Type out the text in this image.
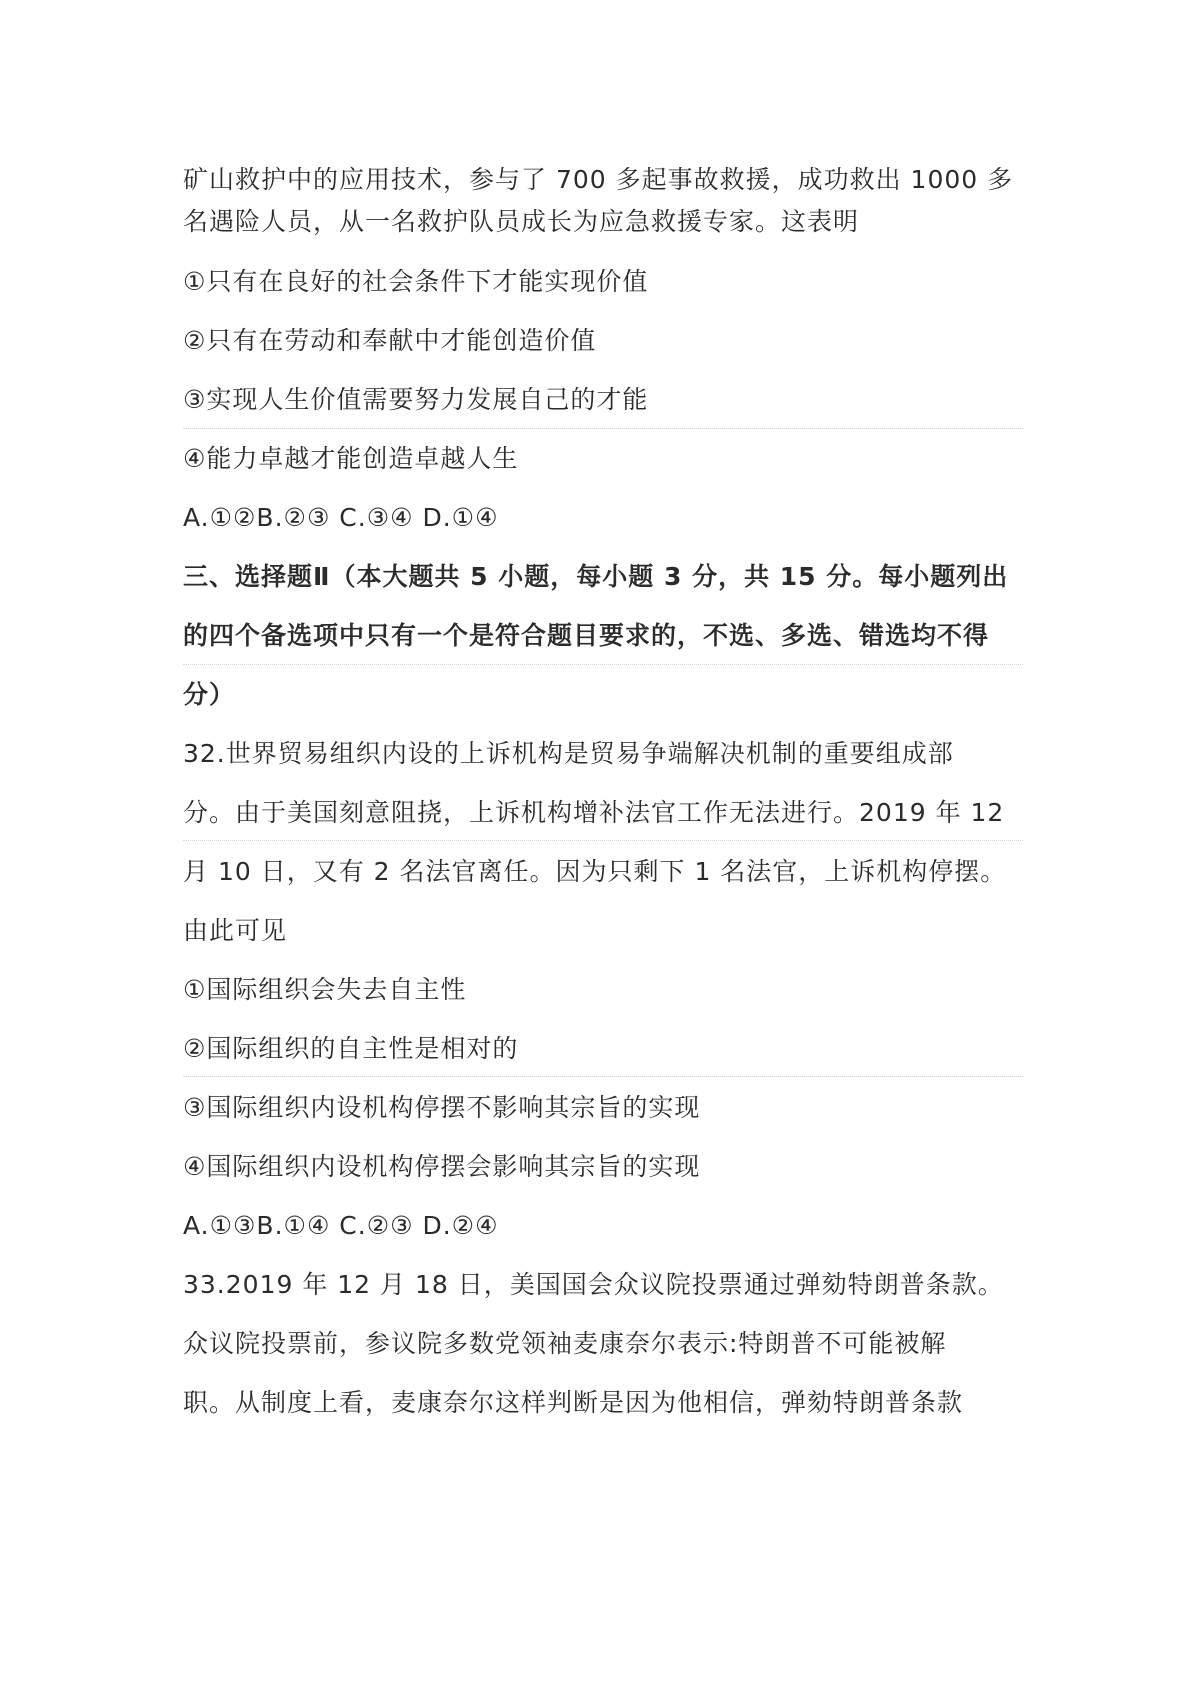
矿山救护中的应用技术，参与了 700 多起事故救援，成功救出 1000 多
名遇险人员，从一名救护队员成长为应急救援专家。这表明
①只有在良好的社会条件下才能实现价值
②只有在劳动和奉献中才能创造价值
③实现人生价值需要努力发展自己的才能
④能力卓越才能创造卓越人生
A.①②B.②③ C.③④ D.①④
三、选择题Ⅱ（本大题共 5 小题，每小题 3 分，共 15 分。每小题列出
的四个备选项中只有一个是符合题目要求的，不选、多选、错选均不得
分）
32.世界贸易组织内设的上诉机构是贸易争端解决机制的重要组成部
分。由于美国刻意阻挠，上诉机构增补法官工作无法进行。2019 年 12
月 10 日，又有 2 名法官离任。因为只剩下 1 名法官，上诉机构停摆。
由此可见
①国际组织会失去自主性
②国际组织的自主性是相对的
③国际组织内设机构停摆不影响其宗旨的实现
④国际组织内设机构停摆会影响其宗旨的实现
A.①③B.①④ C.②③ D.②④
33.2019 年 12 月 18 日，美国国会众议院投票通过弹劾特朗普条款。
众议院投票前，参议院多数党领袖麦康奈尔表示:特朗普不可能被解
职。从制度上看，麦康奈尔这样判断是因为他相信，弹劾特朗普条款
